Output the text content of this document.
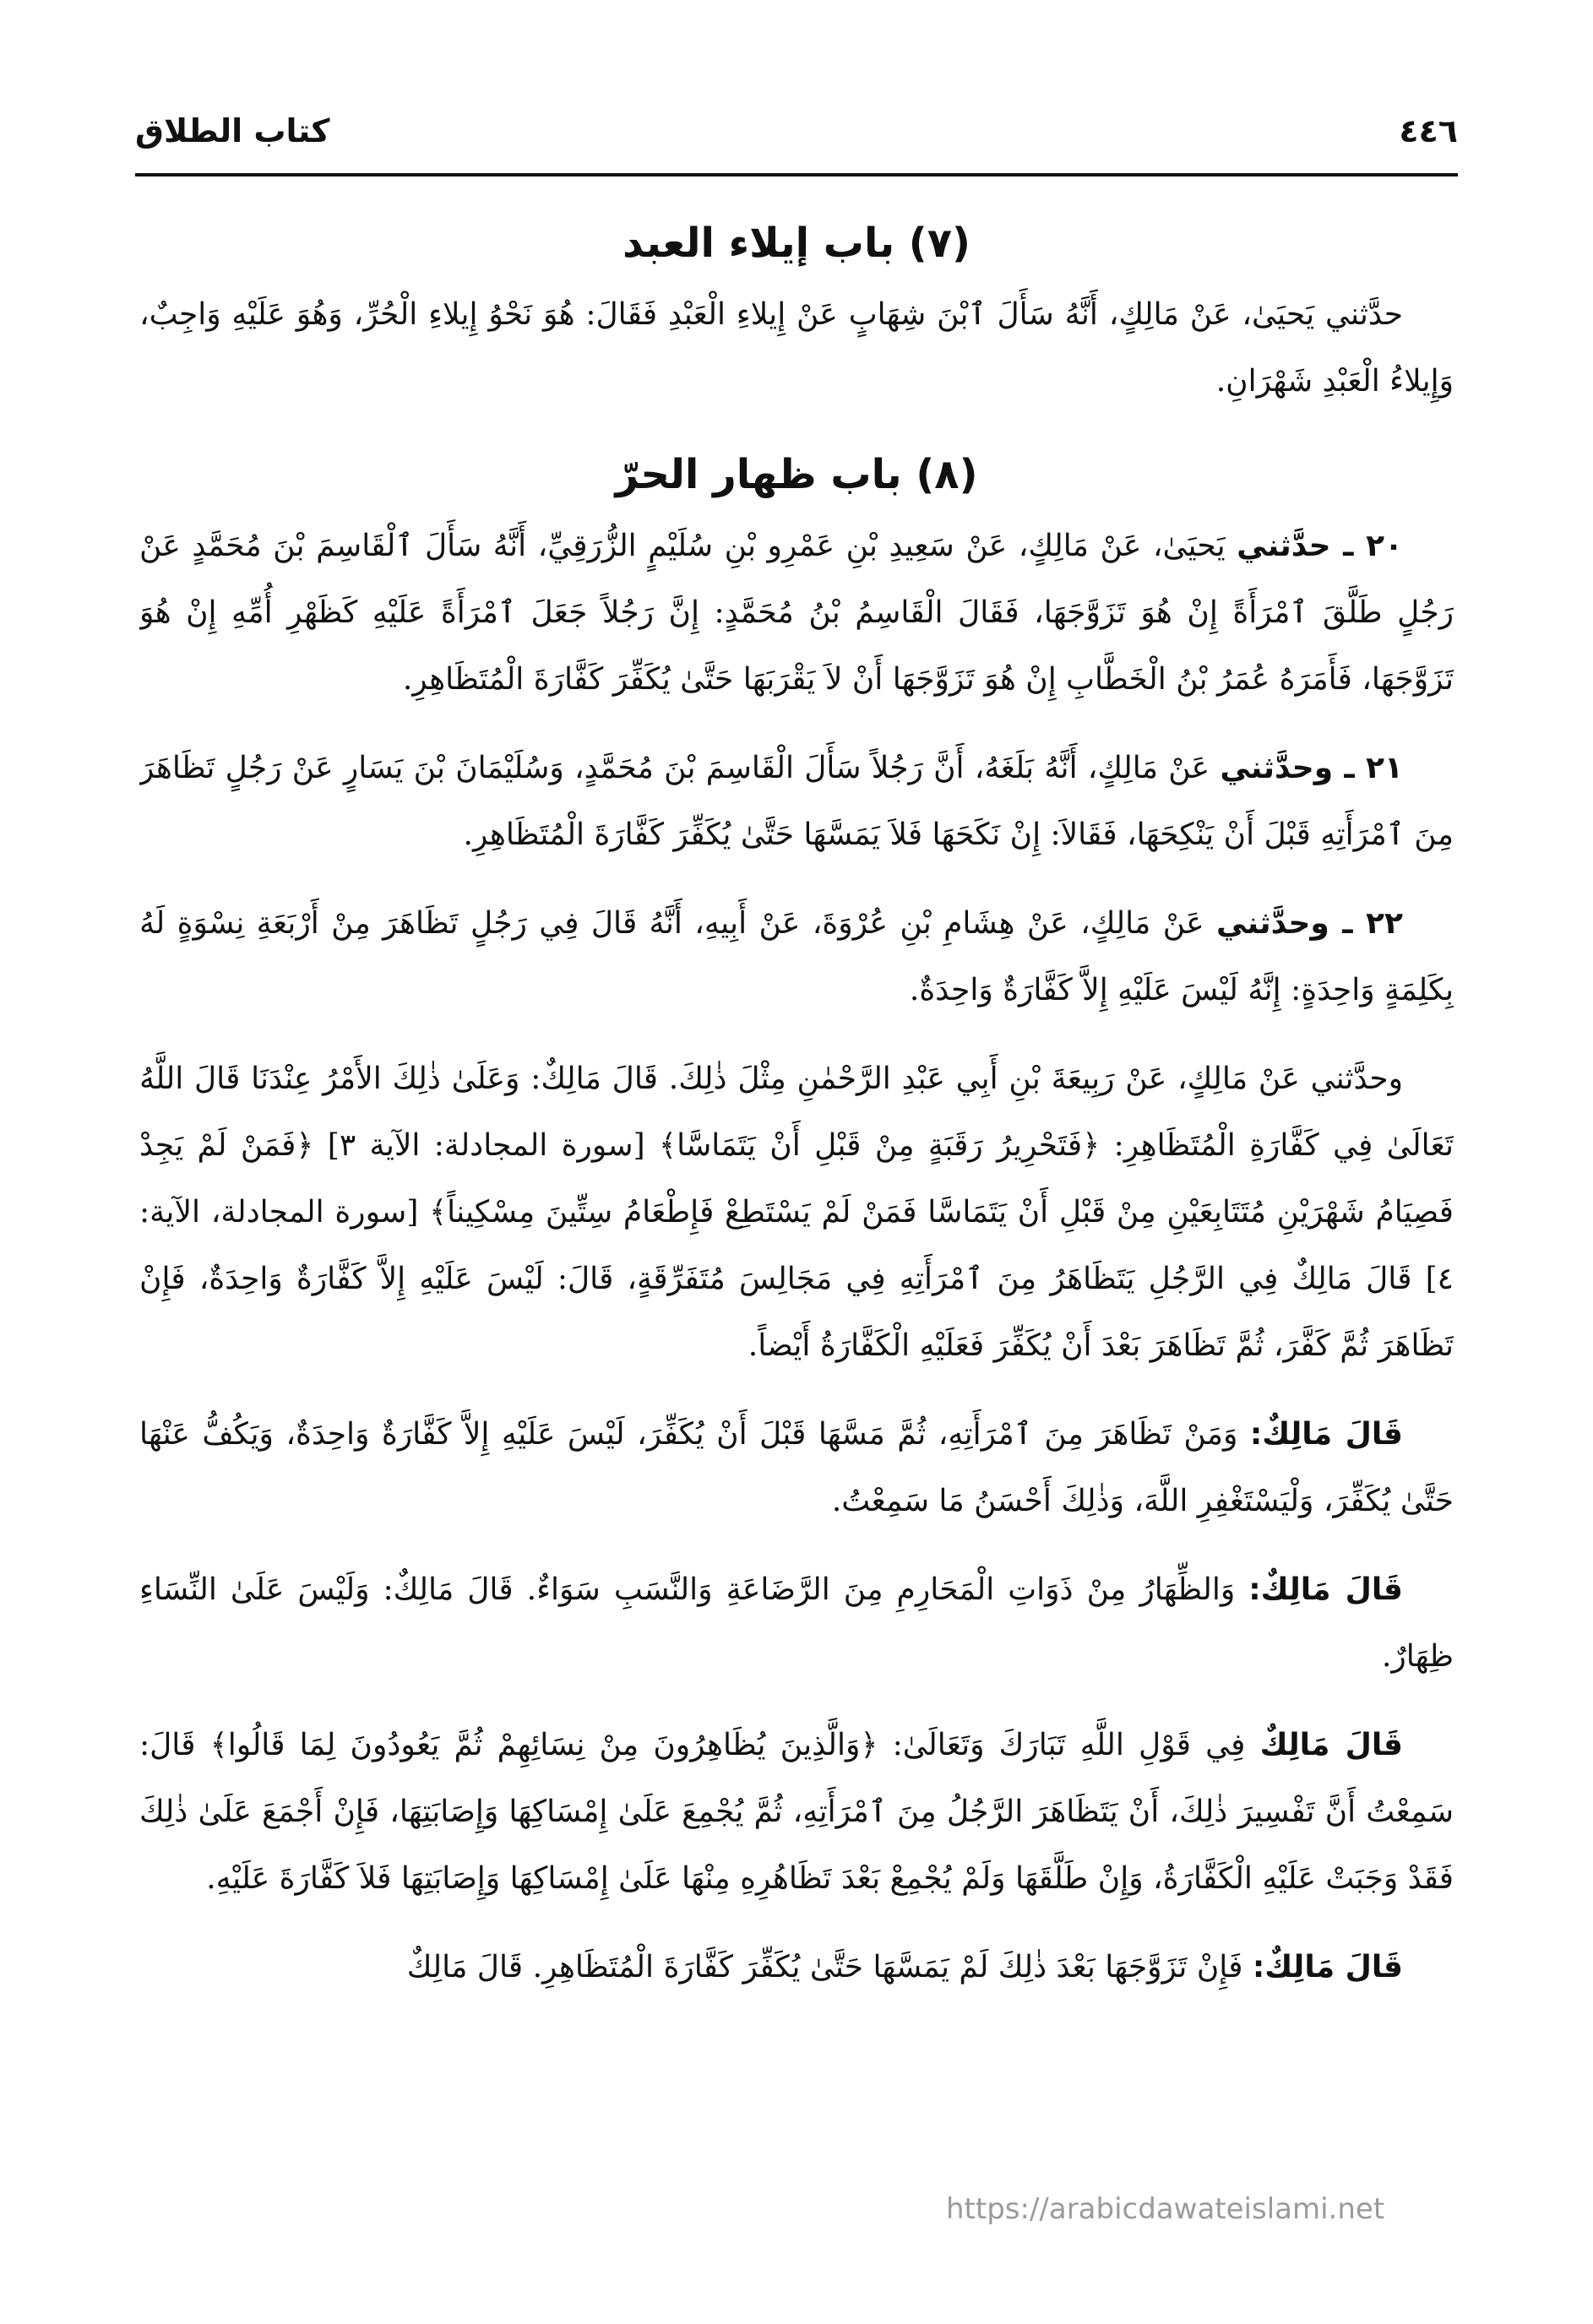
٤٤٦
كتاب الطلاق
(٧) باب إيلاء العبد

حدَّثني يَحيَىٰ، عَنْ مَالِكٍ، أَنَّهُ سَأَلَ ٱبْنَ شِهَابٍ عَنْ إِيلاءِ الْعَبْدِ فَقَالَ: هُوَ نَحْوُ إِيلاءِ الْحُرِّ، وَهُوَ عَلَيْهِ وَاجِبٌ، وَإِيلاءُ الْعَبْدِ شَهْرَانِ.

(٨) باب ظهار الحرّ

٢٠ ـ حدَّثني يَحيَىٰ، عَنْ مَالِكٍ، عَنْ سَعِيدِ بْنِ عَمْرِو بْنِ سُلَيْمٍ الزُّرَقِيِّ، أَنَّهُ سَأَلَ ٱلْقَاسِمَ بْنَ مُحَمَّدٍ عَنْ رَجُلٍ طَلَّقَ ٱمْرَأَةً إِنْ هُوَ تَزَوَّجَهَا، فَقَالَ الْقَاسِمُ بْنُ مُحَمَّدٍ: إِنَّ رَجُلاً جَعَلَ ٱمْرَأَةً عَلَيْهِ كَظَهْرِ أُمِّهِ إِنْ هُوَ تَزَوَّجَهَا، فَأَمَرَهُ عُمَرُ بْنُ الْخَطَّابِ إِنْ هُوَ تَزَوَّجَهَا أَنْ لاَ يَقْرَبَهَا حَتَّىٰ يُكَفِّرَ كَفَّارَةَ الْمُتَظَاهِرِ.

٢١ ـ وحدَّثني عَنْ مَالِكٍ، أَنَّهُ بَلَغَهُ، أَنَّ رَجُلاً سَأَلَ الْقَاسِمَ بْنَ مُحَمَّدٍ، وَسُلَيْمَانَ بْنَ يَسَارٍ عَنْ رَجُلٍ تَظَاهَرَ مِنَ ٱمْرَأَتِهِ قَبْلَ أَنْ يَنْكِحَهَا، فَقَالاَ: إِنْ نَكَحَهَا فَلاَ يَمَسَّهَا حَتَّىٰ يُكَفِّرَ كَفَّارَةَ الْمُتَظَاهِرِ.

٢٢ ـ وحدَّثني عَنْ مَالِكٍ، عَنْ هِشَامِ بْنِ عُرْوَةَ، عَنْ أَبِيهِ، أَنَّهُ قَالَ فِي رَجُلٍ تَظَاهَرَ مِنْ أَرْبَعَةِ نِسْوَةٍ لَهُ بِكَلِمَةٍ وَاحِدَةٍ: إِنَّهُ لَيْسَ عَلَيْهِ إِلاَّ كَفَّارَةٌ وَاحِدَةٌ.

وحدَّثني عَنْ مَالِكٍ، عَنْ رَبِيعَةَ بْنِ أَبِي عَبْدِ الرَّحْمٰنِ مِثْلَ ذٰلِكَ. قَالَ مَالِكٌ: وَعَلَىٰ ذٰلِكَ الأَمْرُ عِنْدَنَا قَالَ اللَّهُ تَعَالَىٰ فِي كَفَّارَةِ الْمُتَظَاهِرِ: ﴿فَتَحْرِيرُ رَقَبَةٍ مِنْ قَبْلِ أَنْ يَتَمَاسَّا﴾ [سورة المجادلة: الآية ٣] ﴿فَمَنْ لَمْ يَجِدْ فَصِيَامُ شَهْرَيْنِ مُتَتَابِعَيْنِ مِنْ قَبْلِ أَنْ يَتَمَاسَّا فَمَنْ لَمْ يَسْتَطِعْ فَإِطْعَامُ سِتِّينَ مِسْكِيناً﴾ [سورة المجادلة، الآية: ٤] قَالَ مَالِكٌ فِي الرَّجُلِ يَتَظَاهَرُ مِنَ ٱمْرَأَتِهِ فِي مَجَالِسَ مُتَفَرِّقَةٍ، قَالَ: لَيْسَ عَلَيْهِ إِلاَّ كَفَّارَةٌ وَاحِدَةٌ، فَإِنْ تَظَاهَرَ ثُمَّ كَفَّرَ، ثُمَّ تَظَاهَرَ بَعْدَ أَنْ يُكَفِّرَ فَعَلَيْهِ الْكَفَّارَةُ أَيْضاً.

قَالَ مَالِكٌ: وَمَنْ تَظَاهَرَ مِنَ ٱمْرَأَتِهِ، ثُمَّ مَسَّهَا قَبْلَ أَنْ يُكَفِّرَ، لَيْسَ عَلَيْهِ إِلاَّ كَفَّارَةٌ وَاحِدَةٌ، وَيَكُفُّ عَنْهَا حَتَّىٰ يُكَفِّرَ، وَلْيَسْتَغْفِرِ اللَّهَ، وَذٰلِكَ أَحْسَنُ مَا سَمِعْتُ.

قَالَ مَالِكٌ: وَالظِّهَارُ مِنْ ذَوَاتِ الْمَحَارِمِ مِنَ الرَّضَاعَةِ وَالنَّسَبِ سَوَاءٌ. قَالَ مَالِكٌ: وَلَيْسَ عَلَىٰ النِّسَاءِ ظِهَارٌ.

قَالَ مَالِكٌ فِي قَوْلِ اللَّهِ تَبَارَكَ وَتَعَالَىٰ: ﴿وَالَّذِينَ يُظَاهِرُونَ مِنْ نِسَائِهِمْ ثُمَّ يَعُودُونَ لِمَا قَالُوا﴾ قَالَ: سَمِعْتُ أَنَّ تَفْسِيرَ ذٰلِكَ، أَنْ يَتَظَاهَرَ الرَّجُلُ مِنَ ٱمْرَأَتِهِ، ثُمَّ يُجْمِعَ عَلَىٰ إِمْسَاكِهَا وَإِصَابَتِهَا، فَإِنْ أَجْمَعَ عَلَىٰ ذٰلِكَ فَقَدْ وَجَبَتْ عَلَيْهِ الْكَفَّارَةُ، وَإِنْ طَلَّقَهَا وَلَمْ يُجْمِعْ بَعْدَ تَظَاهُرِهِ مِنْهَا عَلَىٰ إِمْسَاكِهَا وَإِصَابَتِهَا فَلاَ كَفَّارَةَ عَلَيْهِ.

قَالَ مَالِكٌ: فَإِنْ تَزَوَّجَهَا بَعْدَ ذٰلِكَ لَمْ يَمَسَّهَا حَتَّىٰ يُكَفِّرَ كَفَّارَةَ الْمُتَظَاهِرِ. قَالَ مَالِكٌ

https://arabicdawateislami.net
